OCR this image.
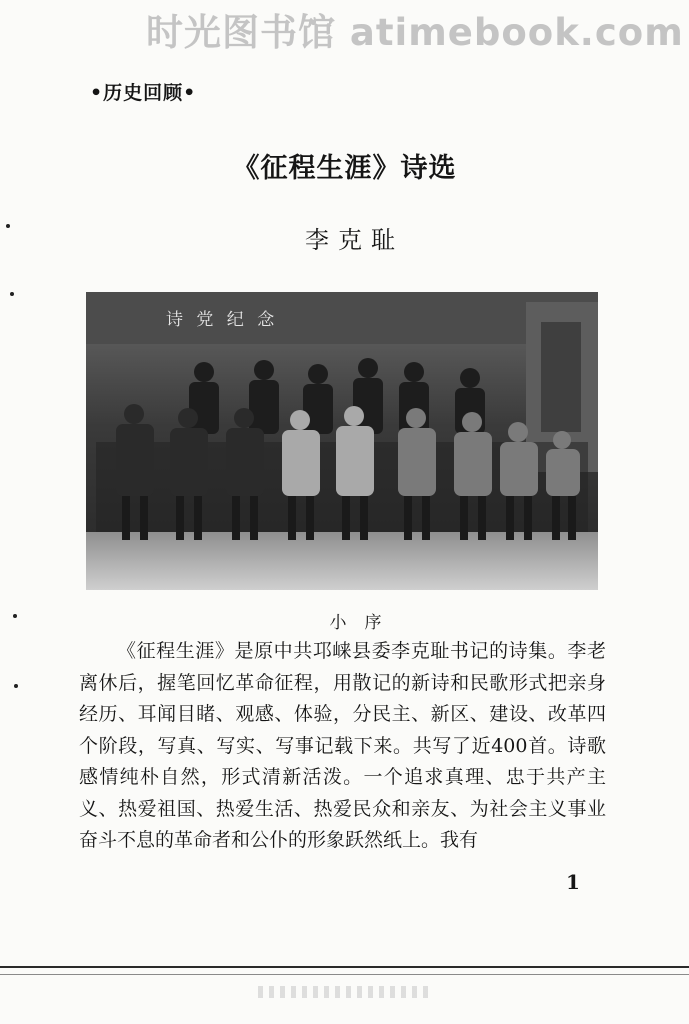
时光图书馆 atimebook.com
•历史回顾•
《征程生涯》诗选
李克耻
诗 党 纪 念
小序
《征程生涯》是原中共邛崃县委李克耻书记的诗集。李老离休后，握笔回忆革命征程，用散记的新诗和民歌形式把亲身经历、耳闻目睹、观感、体验，分民主、新区、建设、改革四个阶段，写真、写实、写事记载下来。共写了近400首。诗歌感情纯朴自然，形式清新活泼。一个追求真理、忠于共产主义、热爱祖国、热爱生活、热爱民众和亲友、为社会主义事业奋斗不息的革命者和公仆的形象跃然纸上。我有
1
